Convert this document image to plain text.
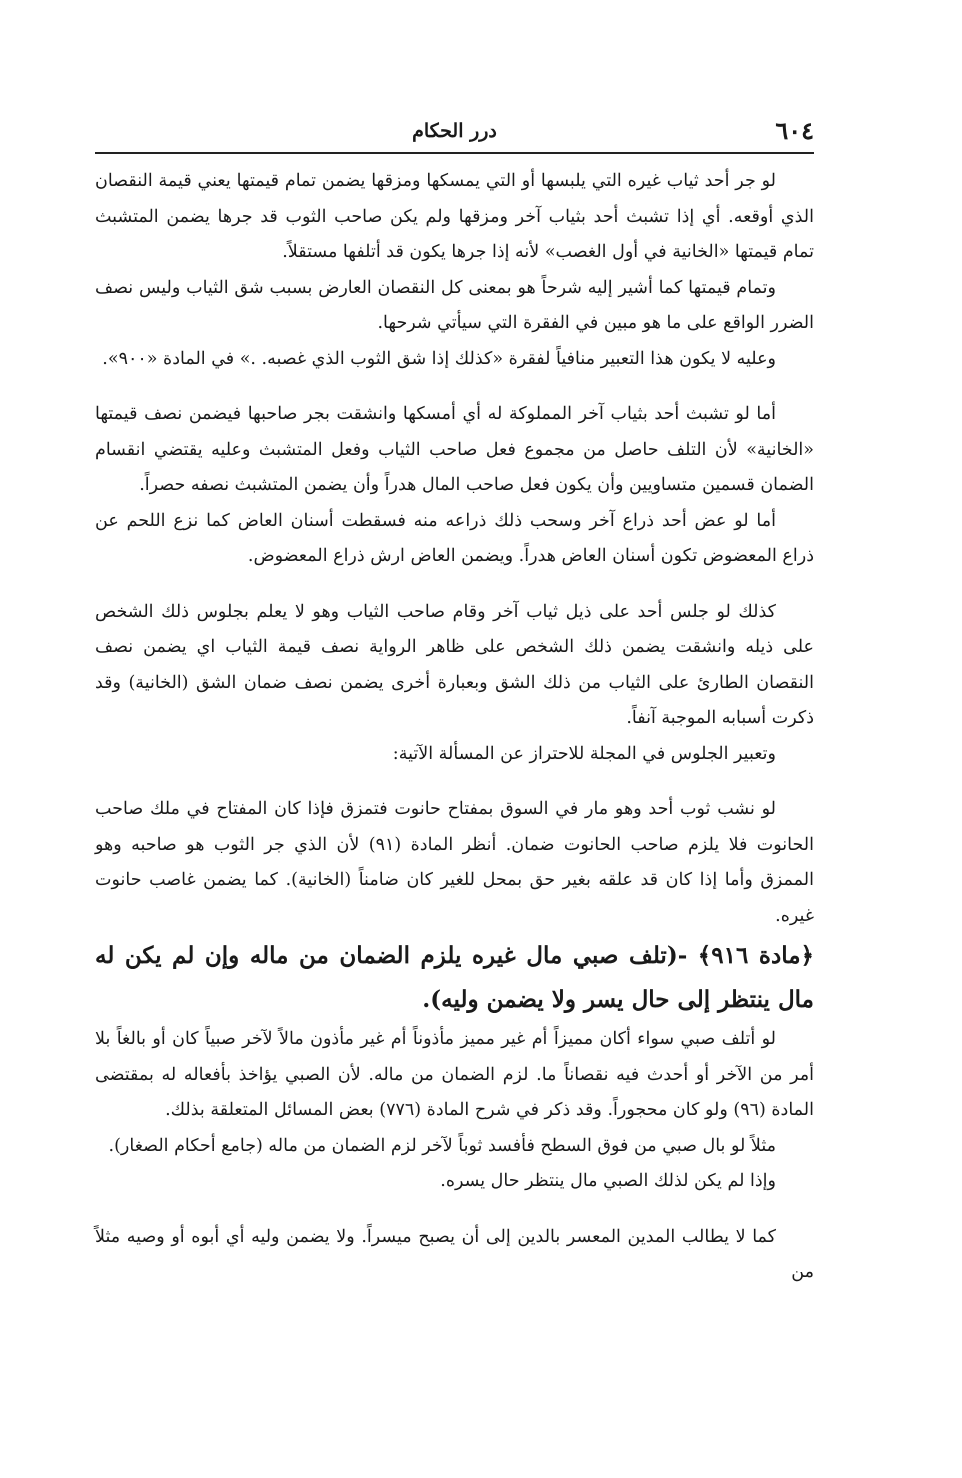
٦٠٤
درر الحكام

لو جر أحد ثياب غيره التي يلبسها أو التي يمسكها ومزقها يضمن تمام قيمتها يعني قيمة النقصان الذي أوقعه. أي إذا تشبث أحد بثياب آخر ومزقها ولم يكن صاحب الثوب قد جرها يضمن المتشبث تمام قيمتها «الخانية في أول الغصب» لأنه إذا جرها يكون قد أتلفها مستقلاً.

وتمام قيمتها كما أشير إليه شرحاً هو بمعنى كل النقصان العارض بسبب شق الثياب وليس نصف الضرر الواقع على ما هو مبين في الفقرة التي سيأتي شرحها.

وعليه لا يكون هذا التعبير منافياً لفقرة «كذلك إذا شق الثوب الذي غصبه. .» في المادة «٩٠٠».

أما لو تشبث أحد بثياب آخر المملوكة له أي أمسكها وانشقت بجر صاحبها فيضمن نصف قيمتها «الخانية» لأن التلف حاصل من مجموع فعل صاحب الثياب وفعل المتشبث وعليه يقتضي انقسام الضمان قسمين متساويين وأن يكون فعل صاحب المال هدراً وأن يضمن المتشبث نصفه حصراً.

أما لو عض أحد ذراع آخر وسحب ذلك ذراعه منه فسقطت أسنان العاض كما نزع اللحم عن ذراع المعضوض تكون أسنان العاض هدراً. ويضمن العاض ارش ذراع المعضوض.

كذلك لو جلس أحد على ذيل ثياب آخر وقام صاحب الثياب وهو لا يعلم بجلوس ذلك الشخص على ذيله وانشقت يضمن ذلك الشخص على ظاهر الرواية نصف قيمة الثياب اي يضمن نصف النقصان الطارئ على الثياب من ذلك الشق وبعبارة أخرى يضمن نصف ضمان الشق (الخانية) وقد ذكرت أسبابه الموجبة آنفاً.

وتعبير الجلوس في المجلة للاحتراز عن المسألة الآتية:

لو نشب ثوب أحد وهو مار في السوق بمفتاح حانوت فتمزق فإذا كان المفتاح في ملك صاحب الحانوت فلا يلزم صاحب الحانوت ضمان. أنظر المادة (٩١) لأن الذي جر الثوب هو صاحبه وهو الممزق وأما إذا كان قد علقه بغير حق بمحل للغير كان ضامناً (الخانية). كما يضمن غاصب حانوت غيره.

﴿مادة ٩١٦﴾ -(تلف صبي مال غيره يلزم الضمان من ماله وإن لم يكن له مال ينتظر إلى حال يسر ولا يضمن وليه).

لو أتلف صبي سواء أكان مميزاً أم غير مميز مأذوناً أم غير مأذون مالاً لآخر صبياً كان أو بالغاً بلا أمر من الآخر أو أحدث فيه نقصاناً ما. لزم الضمان من ماله. لأن الصبي يؤاخذ بأفعاله له بمقتضى المادة (٩٦) ولو كان محجوراً. وقد ذكر في شرح المادة (٧٧٦) بعض المسائل المتعلقة بذلك.

مثلاً لو بال صبي من فوق السطح فأفسد ثوباً لآخر لزم الضمان من ماله (جامع أحكام الصغار).

وإذا لم يكن لذلك الصبي مال ينتظر حال يسره.

كما لا يطالب المدين المعسر بالدين إلى أن يصبح ميسراً. ولا يضمن وليه أي أبوه أو وصيه مثلاً من
